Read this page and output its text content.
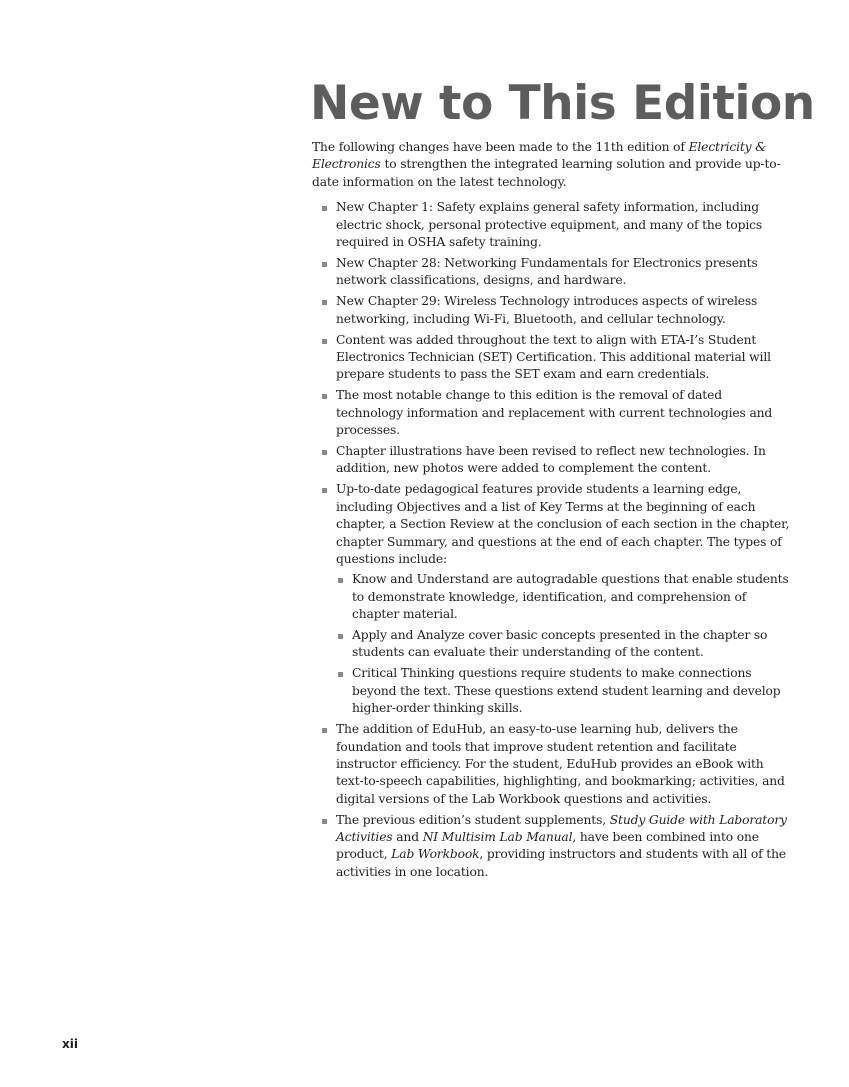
New to This Edition

The following changes have been made to the 11th edition of Electricity & Electronics to strengthen the integrated learning solution and provide up-to-date information on the latest technology.

New Chapter 1: Safety explains general safety information, including electric shock, personal protective equipment, and many of the topics required in OSHA safety training.
New Chapter 28: Networking Fundamentals for Electronics presents network classifications, designs, and hardware.
New Chapter 29: Wireless Technology introduces aspects of wireless networking, including Wi-Fi, Bluetooth, and cellular technology.
Content was added throughout the text to align with ETA-I’s Student Electronics Technician (SET) Certification. This additional material will prepare students to pass the SET exam and earn credentials.
The most notable change to this edition is the removal of dated technology information and replacement with current technologies and processes.
Chapter illustrations have been revised to reflect new technologies. In addition, new photos were added to complement the content.
Up-to-date pedagogical features provide students a learning edge, including Objectives and a list of Key Terms at the beginning of each chapter, a Section Review at the conclusion of each section in the chapter, chapter Summary, and questions at the end of each chapter. The types of questions include:
Know and Understand are autogradable questions that enable students to demonstrate knowledge, identification, and comprehension of chapter material.
Apply and Analyze cover basic concepts presented in the chapter so students can evaluate their understanding of the content.
Critical Thinking questions require students to make connections beyond the text. These questions extend student learning and develop higher-order thinking skills.
The addition of EduHub, an easy-to-use learning hub, delivers the foundation and tools that improve student retention and facilitate instructor efficiency. For the student, EduHub provides an eBook with text-to-speech capabilities, highlighting, and bookmarking; activities, and digital versions of the Lab Workbook questions and activities.
The previous edition’s student supplements, Study Guide with Laboratory Activities and NI Multisim Lab Manual, have been combined into one product, Lab Workbook, providing instructors and students with all of the activities in one location.
xii
